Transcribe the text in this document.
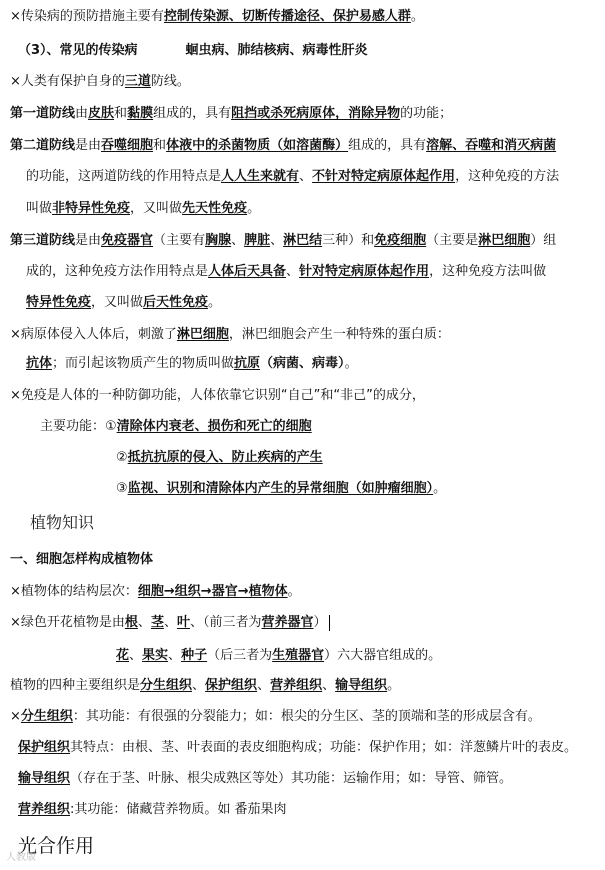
×传染病的预防措施主要有控制传染源、切断传播途径、保护易感人群。
（3）、常见的传染病	蛔虫病、肺结核病、病毒性肝炎
×人类有保护自身的三道防线。
第一道防线由皮肤和黏膜组成的，具有阻挡或杀死病原体，消除异物的功能；
第二道防线是由吞噬细胞和体液中的杀菌物质（如溶菌酶）组成的，具有溶解、吞噬和消灭病菌
的功能，这两道防线的作用特点是人人生来就有、不针对特定病原体起作用，这种免疫的方法
叫做非特异性免疫，又叫做先天性免疫。
第三道防线是由免疫器官（主要有胸腺、脾脏、淋巴结三种）和免疫细胞（主要是淋巴细胞）组
成的，这种免疫方法作用特点是人体后天具备、针对特定病原体起作用，这种免疫方法叫做
特异性免疫，又叫做后天性免疫。
×病原体侵入人体后，刺激了淋巴细胞，淋巴细胞会产生一种特殊的蛋白质：
抗体；而引起该物质产生的物质叫做抗原（病菌、病毒）。
×免疫是人体的一种防御功能，人体依靠它识别“自己”和“非己”的成分，
主要功能：①清除体内衰老、损伤和死亡的细胞
②抵抗抗原的侵入、防止疾病的产生
③监视、识别和清除体内产生的异常细胞（如肿瘤细胞）。
植物知识
一、细胞怎样构成植物体
×植物体的结构层次：细胞→组织→器官→植物体。
×绿色开花植物是由根、茎、叶、（前三者为营养器官）
花、果实、种子（后三者为生殖器官）六大器官组成的。
植物的四种主要组织是分生组织、保护组织、营养组织、输导组织。
×分生组织：其功能：有很强的分裂能力；如：根尖的分生区、茎的顶端和茎的形成层含有。
保护组织其特点：由根、茎、叶表面的表皮细胞构成；功能：保护作用；如：洋葱鳞片叶的表皮。
输导组织（存在于茎、叶脉、根尖成熟区等处）其功能：运输作用；如：导管、筛管。
营养组织:其功能：储藏营养物质。如 番茄果肉
光合作用
人教版
